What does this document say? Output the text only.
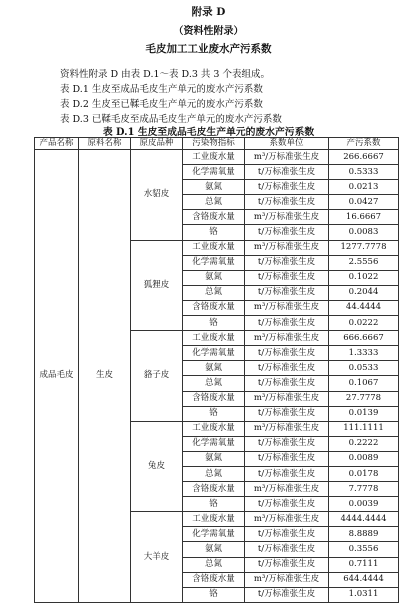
附录 D
（资料性附录）
毛皮加工工业废水产污系数
资料性附录 D 由表 D.1～表 D.3 共 3 个表组成。
表 D.1 生皮至成品毛皮生产单元的废水产污系数
表 D.2 生皮至已鞣毛皮生产单元的废水产污系数
表 D.3 已鞣毛皮至成品毛皮生产单元的废水产污系数
表 D.1 生皮至成品毛皮生产单元的废水产污系数
产品名称	原料名称	原皮品种	污染物指标	系数单位	产污系数
成品毛皮	生皮	水貂皮	工业废水量	m³/万标准张生皮	266.6667
			化学需氧量	t/万标准张生皮	0.5333
			氨氮	t/万标准张生皮	0.0213
			总氮	t/万标准张生皮	0.0427
			含铬废水量	m³/万标准张生皮	16.6667
			铬	t/万标准张生皮	0.0083
		狐狸皮	工业废水量	m³/万标准张生皮	1277.7778
			化学需氧量	t/万标准张生皮	2.5556
			氨氮	t/万标准张生皮	0.1022
			总氮	t/万标准张生皮	0.2044
			含铬废水量	m³/万标准张生皮	44.4444
			铬	t/万标准张生皮	0.0222
		貉子皮	工业废水量	m³/万标准张生皮	666.6667
			化学需氧量	t/万标准张生皮	1.3333
			氨氮	t/万标准张生皮	0.0533
			总氮	t/万标准张生皮	0.1067
			含铬废水量	m³/万标准张生皮	27.7778
			铬	t/万标准张生皮	0.0139
		兔皮	工业废水量	m³/万标准张生皮	111.1111
			化学需氧量	t/万标准张生皮	0.2222
			氨氮	t/万标准张生皮	0.0089
			总氮	t/万标准张生皮	0.0178
			含铬废水量	m³/万标准张生皮	7.7778
			铬	t/万标准张生皮	0.0039
		大羊皮	工业废水量	m³/万标准张生皮	4444.4444
			化学需氧量	t/万标准张生皮	8.8889
			氨氮	t/万标准张生皮	0.3556
			总氮	t/万标准张生皮	0.7111
			含铬废水量	m³/万标准张生皮	644.4444
			铬	t/万标准张生皮	1.0311
